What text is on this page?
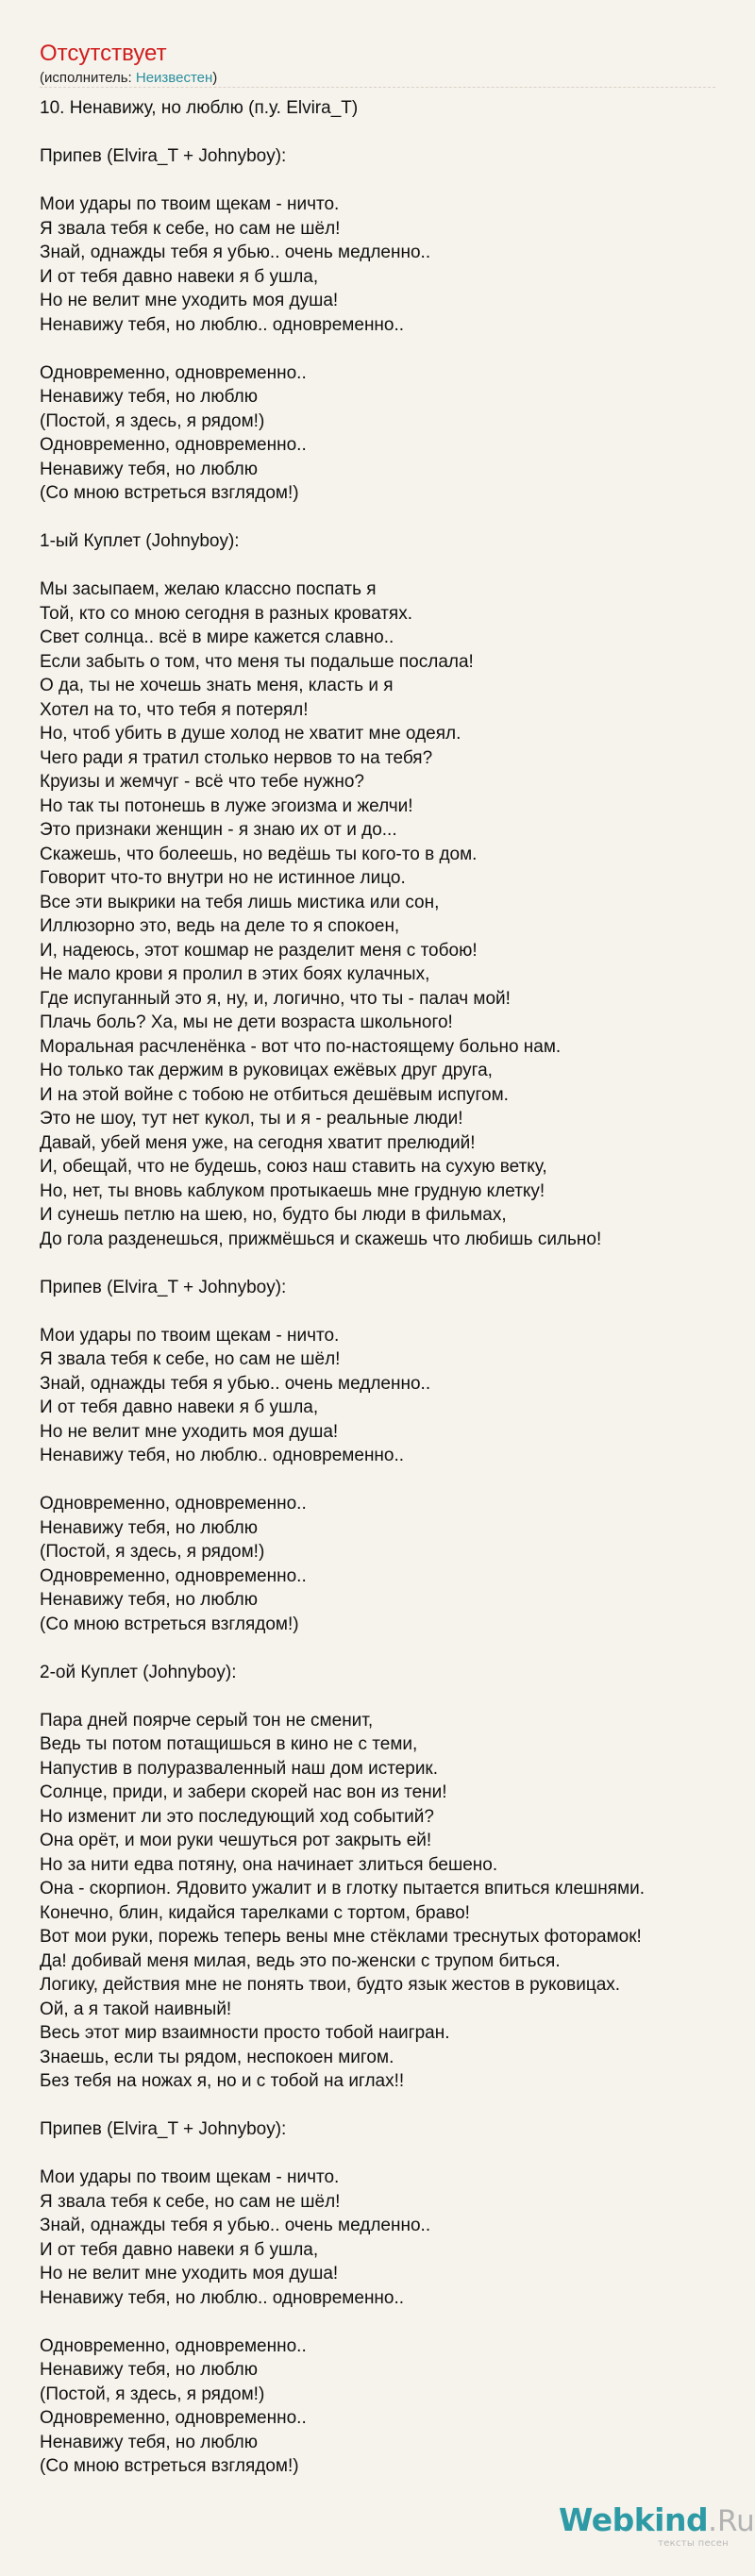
Отсутствует
(исполнитель: Неизвестен)
10. Ненавижу, но люблю (п.у. Elvira_T)
Припев (Elvira_T + Johnyboy):
Мои удары по твоим щекам - ничто.
Я звала тебя к себе, но сам не шёл!
Знай, однажды тебя я убью.. очень медленно..
И от тебя давно навеки я б ушла,
Но не велит мне уходить моя душа!
Ненавижу тебя, но люблю.. одновременно..
Одновременно, одновременно..
Ненавижу тебя, но люблю
(Постой, я здесь, я рядом!)
Одновременно, одновременно..
Ненавижу тебя, но люблю
(Со мною встреться взглядом!)
1-ый Куплет (Johnyboy):
Мы засыпаем, желаю классно поспать я
Той, кто со мною сегодня в разных кроватях.
Свет солнца.. всё в мире кажется славно..
Если забыть о том, что меня ты подальше послала!
О да, ты не хочешь знать меня, класть и я
Хотел на то, что тебя я потерял!
Но, чтоб убить в душе холод не хватит мне одеял.
Чего ради я тратил столько нервов то на тебя?
Круизы и жемчуг - всё что тебе нужно?
Но так ты потонешь в луже эгоизма и желчи!
Это признаки женщин - я знаю их от и до...
Скажешь, что болеешь, но ведёшь ты кого-то в дом.
Говорит что-то внутри но не истинное лицо.
Все эти выкрики на тебя лишь мистика или сон,
Иллюзорно это, ведь на деле то я спокоен,
И, надеюсь, этот кошмар не разделит меня с тобою!
Не мало крови я пролил в этих боях кулачных,
Где испуганный это я, ну, и, логично, что ты - палач мой!
Плачь боль? Ха, мы не дети возраста школьного!
Моральная расчленёнка - вот что по-настоящему больно нам.
Но только так держим в руковицах ежёвых друг друга,
И на этой войне с тобою не отбиться дешёвым испугом.
Это не шоу, тут нет кукол, ты и я - реальные люди!
Давай, убей меня уже, на сегодня хватит прелюдий!
И, обещай, что не будешь, союз наш ставить на сухую ветку,
Но, нет, ты вновь каблуком протыкаешь мне грудную клетку!
И сунешь петлю на шею, но, будто бы люди в фильмах,
До гола разденешься, прижмёшься и скажешь что любишь сильно!
Припев (Elvira_T + Johnyboy):
Мои удары по твоим щекам - ничто.
Я звала тебя к себе, но сам не шёл!
Знай, однажды тебя я убью.. очень медленно..
И от тебя давно навеки я б ушла,
Но не велит мне уходить моя душа!
Ненавижу тебя, но люблю.. одновременно..
Одновременно, одновременно..
Ненавижу тебя, но люблю
(Постой, я здесь, я рядом!)
Одновременно, одновременно..
Ненавижу тебя, но люблю
(Со мною встреться взглядом!)
2-ой Куплет (Johnyboy):
Пара дней поярче серый тон не сменит,
Ведь ты потом потащишься в кино не с теми,
Напустив в полуразваленный наш дом истерик.
Солнце, приди, и забери скорей нас вон из тени!
Но изменит ли это последующий ход событий?
Она орёт, и мои руки чешуться рот закрыть ей!
Но за нити едва потяну, она начинает злиться бешено.
Она - скорпион. Ядовито ужалит и в глотку пытается впиться клешнями.
Конечно, блин, кидайся тарелками с тортом, браво!
Вот мои руки, порежь теперь вены мне стёклами треснутых фоторамок!
Да! добивай меня милая, ведь это по-женски с трупом биться.
Логику, действия мне не понять твои, будто язык жестов в руковицах.
Ой, а я такой наивный!
Весь этот мир взаимности просто тобой наигран.
Знаешь, если ты рядом, неспокоен мигом.
Без тебя на ножах я, но и с тобой на иглах!!
Припев (Elvira_T + Johnyboy):
Мои удары по твоим щекам - ничто.
Я звала тебя к себе, но сам не шёл!
Знай, однажды тебя я убью.. очень медленно..
И от тебя давно навеки я б ушла,
Но не велит мне уходить моя душа!
Ненавижу тебя, но люблю.. одновременно..
Одновременно, одновременно..
Ненавижу тебя, но люблю
(Постой, я здесь, я рядом!)
Одновременно, одновременно..
Ненавижу тебя, но люблю
(Со мною встреться взглядом!)
Webkind.Ru
тексты песен
